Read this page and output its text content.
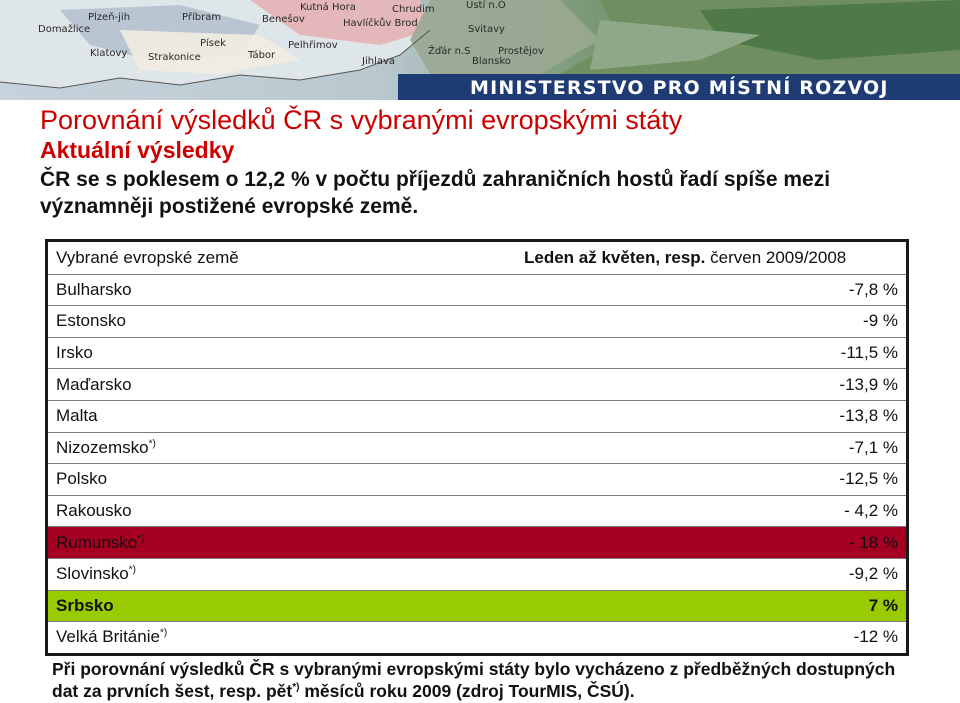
Kutná Hora	Chrudim	Ústí n.O
Plzeň-jih	Příbram	Benešov	Havlíčkův Brod
Svitavy
Domažlice
Písek
Tábor
Pelhřimov
Žďár n.S
Klatovy Strakonice	Jihlava	Blansko
Prostějov
MINISTERSTVO PRO MÍSTNÍ ROZVOJ
Porovnání výsledků ČR s vybranými evropskými státy
Aktuální výsledky
ČR se s poklesem o 12,2 % v počtu příjezdů zahraničních hostů řadí spíše mezi významněji postižené evropské země.
Vybrané evropské země	Leden až květen, resp. červen 2009/2008
Bulharsko	-7,8 %
Estonsko	-9 %
Irsko	-11,5 %
Maďarsko	-13,9 %
Malta	-13,8 %
Nizozemsko*)	-7,1 %
Polsko	-12,5 %
Rakousko	- 4,2 %
Rumunsko*)	- 18 %
Slovinsko*)	-9,2 %
Srbsko	7 %
Velká Británie*)	-12 %
Při porovnání výsledků ČR s vybranými evropskými státy bylo vycházeno z předběžných dostupných dat za prvních šest, resp. pět*) měsíců roku 2009 (zdroj TourMIS, ČSÚ).
